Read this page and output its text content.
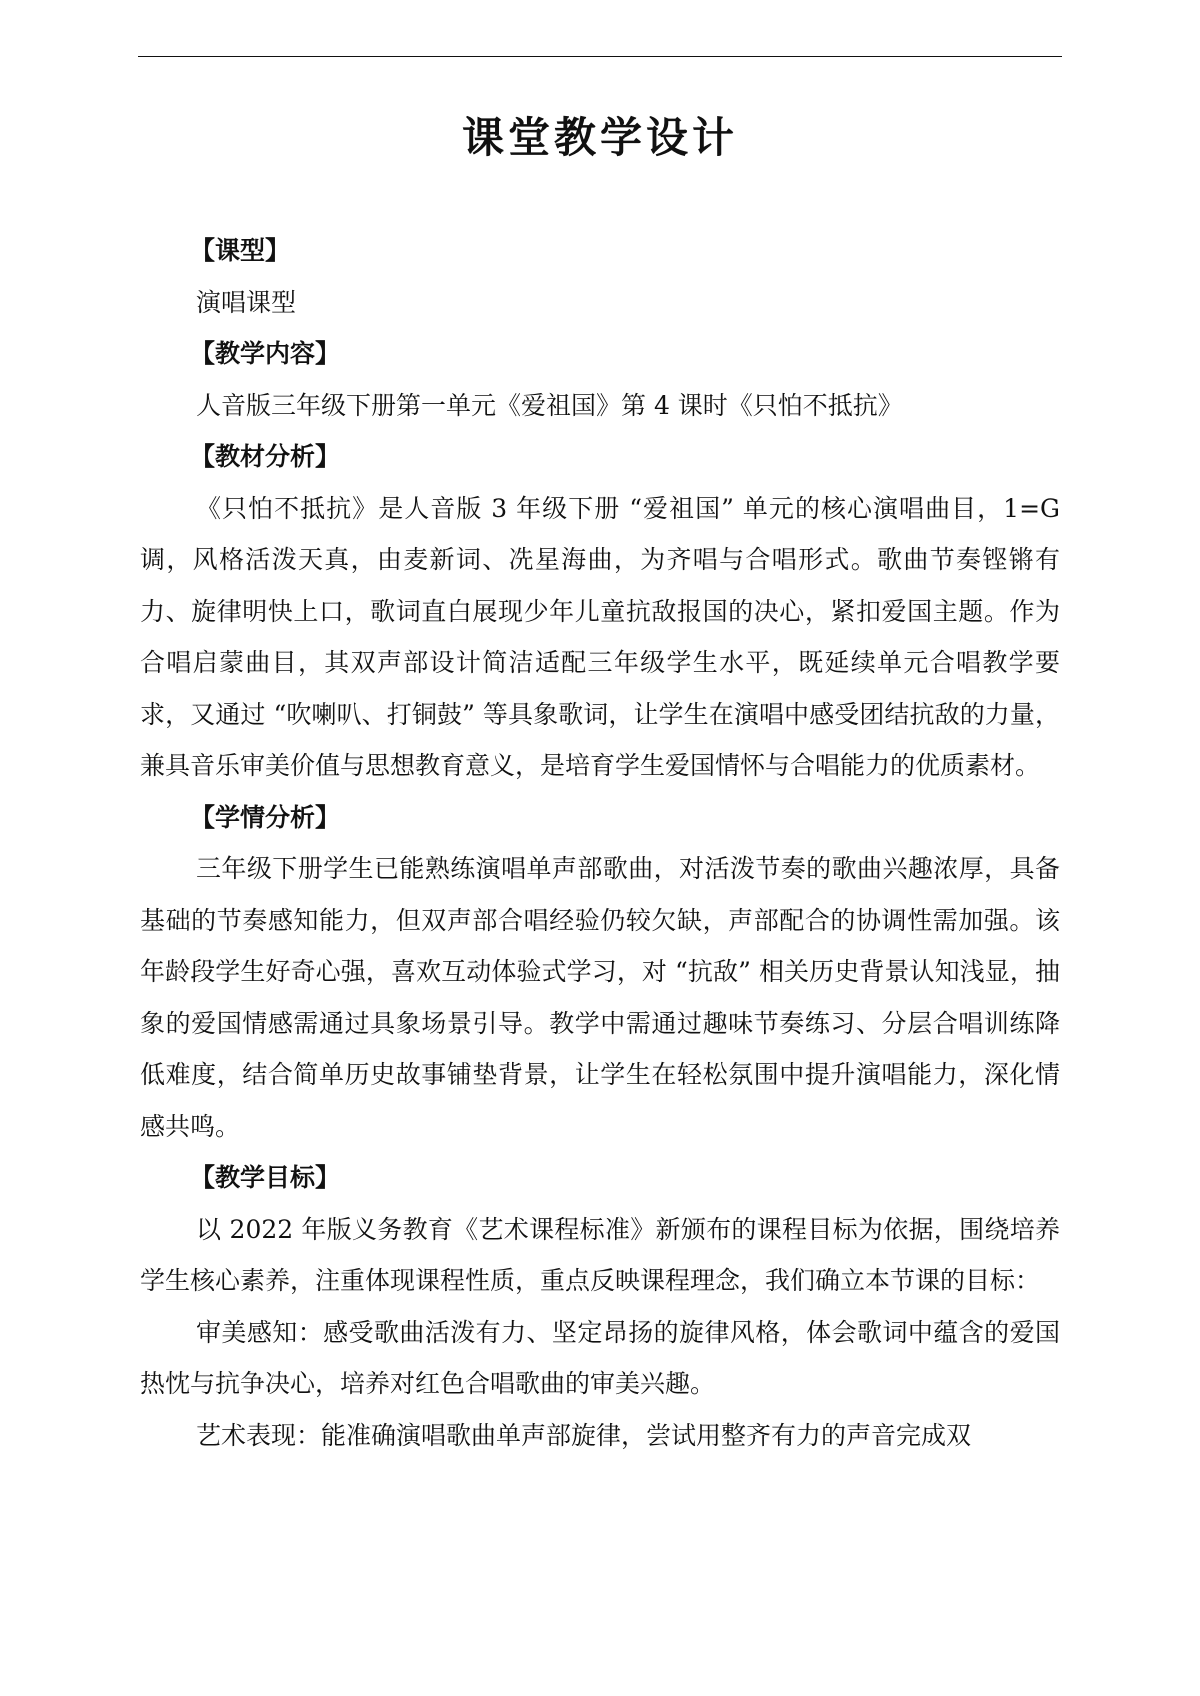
课堂教学设计

【课型】

演唱课型

【教学内容】

人音版三年级下册第一单元《爱祖国》第 4 课时《只怕不抵抗》

【教材分析】

《只怕不抵抗》是人音版 3 年级下册 “爱祖国” 单元的核心演唱曲目，1=G 调，风格活泼天真，由麦新词、冼星海曲，为齐唱与合唱形式。歌曲节奏铿锵有力、旋律明快上口，歌词直白展现少年儿童抗敌报国的决心，紧扣爱国主题。作为合唱启蒙曲目，其双声部设计简洁适配三年级学生水平，既延续单元合唱教学要求，又通过 “吹喇叭、打铜鼓” 等具象歌词，让学生在演唱中感受团结抗敌的力量，兼具音乐审美价值与思想教育意义，是培育学生爱国情怀与合唱能力的优质素材。

【学情分析】

三年级下册学生已能熟练演唱单声部歌曲，对活泼节奏的歌曲兴趣浓厚，具备基础的节奏感知能力，但双声部合唱经验仍较欠缺，声部配合的协调性需加强。该年龄段学生好奇心强，喜欢互动体验式学习，对 “抗敌” 相关历史背景认知浅显，抽象的爱国情感需通过具象场景引导。教学中需通过趣味节奏练习、分层合唱训练降低难度，结合简单历史故事铺垫背景，让学生在轻松氛围中提升演唱能力，深化情感共鸣。

【教学目标】

以 2022 年版义务教育《艺术课程标准》新颁布的课程目标为依据，围绕培养学生核心素养，注重体现课程性质，重点反映课程理念，我们确立本节课的目标：

审美感知：感受歌曲活泼有力、坚定昂扬的旋律风格，体会歌词中蕴含的爱国热忱与抗争决心，培养对红色合唱歌曲的审美兴趣。

艺术表现：能准确演唱歌曲单声部旋律，尝试用整齐有力的声音完成双
